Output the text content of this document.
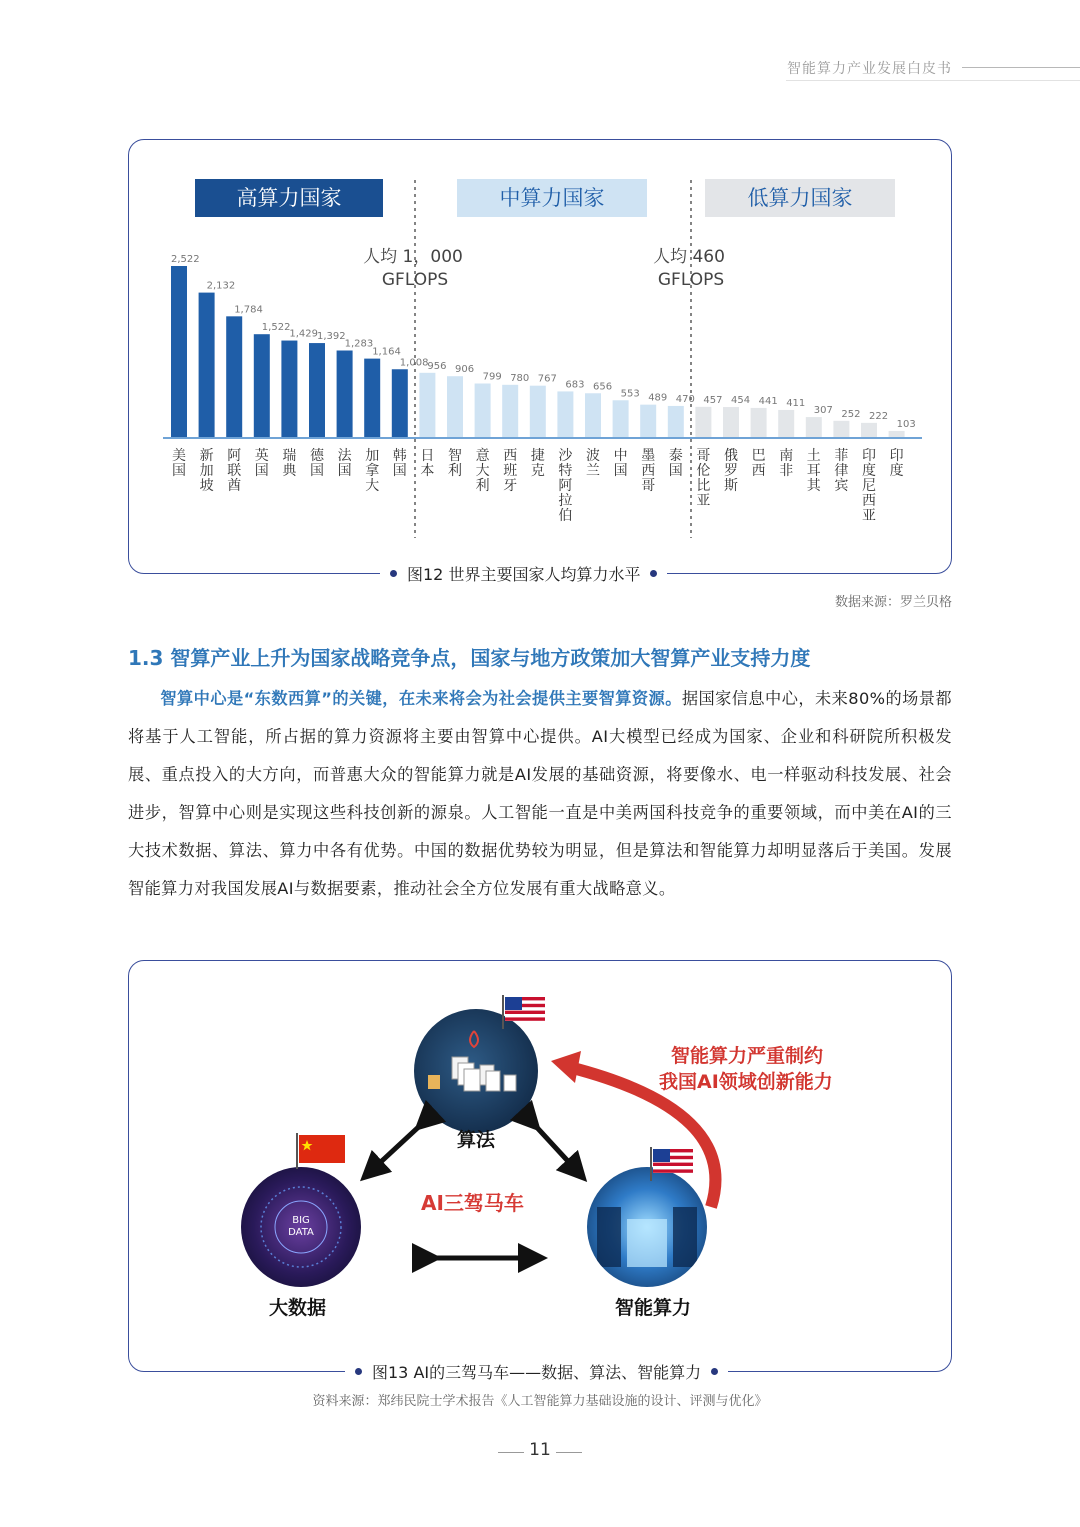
智能算力产业发展白皮书
高算力国家	中算力国家	低算力国家
人均 1，000
GFLOPS
人均 460
GFLOPS
2,522
美国
2,132
新加坡
1,784
阿联酋
1,522
英国
1,429
瑞典
1,392
德国
1,283
法国
1,164
加拿大
1,008
韩国
956
日本
906
智利
799
意大利
780
西班牙
767
捷克
683
沙特阿拉伯
656
波兰
553
中国
489
墨西哥
470
泰国
457
哥伦比亚
454
俄罗斯
441
巴西
411
南非
307
土耳其
252
菲律宾
222
印度尼西亚
103
印度
图12 世界主要国家人均算力水平
数据来源：罗兰贝格
1.3 智算产业上升为国家战略竞争点，国家与地方政策加大智算产业支持力度

智算中心是“东数西算”的关键，在未来将会为社会提供主要智算资源。据国家信息中心，未来80%的场景都将基于人工智能，所占据的算力资源将主要由智算中心提供。AI大模型已经成为国家、企业和科研院所积极发展、重点投入的大方向，而普惠大众的智能算力就是AI发展的基础资源，将要像水、电一样驱动科技发展、社会进步，智算中心则是实现这些科技创新的源泉。人工智能一直是中美两国科技竞争的重要领域，而中美在AI的三大技术数据、算法、算力中各有优势。中国的数据优势较为明显，但是算法和智能算力却明显落后于美国。发展智能算力对我国发展AI与数据要素，推动社会全方位发展有重大战略意义。

算法
BIG
DATA
大数据	智能算力
AI三驾马车
智能算力严重制约
我国AI领域创新能力
图13 AI的三驾马车——数据、算法、智能算力
资料来源：郑纬民院士学术报告《人工智能算力基础设施的设计、评测与优化》
11
